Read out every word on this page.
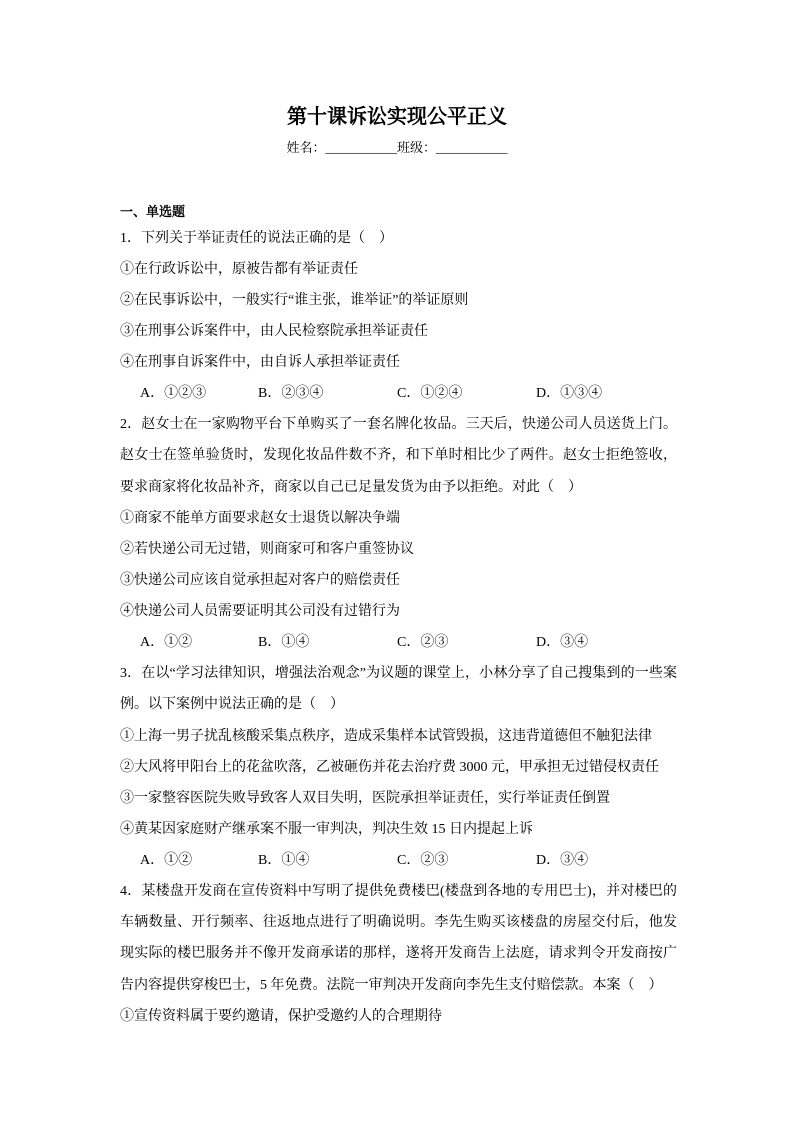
第十课诉讼实现公平正义
姓名：___________班级：___________
一、单选题

1．下列关于举证责任的说法正确的是（　）

①在行政诉讼中，原被告都有举证责任

②在民事诉讼中，一般实行“谁主张，谁举证”的举证原则

③在刑事公诉案件中，由人民检察院承担举证责任

④在刑事自诉案件中，由自诉人承担举证责任

A．①②③	B．②③④	C．①②④	D．①③④

2．赵女士在一家购物平台下单购买了一套名牌化妆品。三天后，快递公司人员送货上门。赵女士在签单验货时，发现化妆品件数不齐，和下单时相比少了两件。赵女士拒绝签收，要求商家将化妆品补齐，商家以自己已足量发货为由予以拒绝。对此（　）

①商家不能单方面要求赵女士退货以解决争端

②若快递公司无过错，则商家可和客户重签协议

③快递公司应该自觉承担起对客户的赔偿责任

④快递公司人员需要证明其公司没有过错行为

A．①②	B．①④	C．②③	D．③④

3．在以“学习法律知识，增强法治观念”为议题的课堂上，小林分享了自己搜集到的一些案例。以下案例中说法正确的是（　）

①上海一男子扰乱核酸采集点秩序，造成采集样本试管毁损，这违背道德但不触犯法律

②大风将甲阳台上的花盆吹落，乙被砸伤并花去治疗费 3000 元，甲承担无过错侵权责任

③一家整容医院失败导致客人双目失明，医院承担举证责任，实行举证责任倒置

④黄某因家庭财产继承案不服一审判决，判决生效 15 日内提起上诉

A．①②	B．①④	C．②③	D．③④

4．某楼盘开发商在宣传资料中写明了提供免费楼巴(楼盘到各地的专用巴士)，并对楼巴的车辆数量、开行频率、往返地点进行了明确说明。李先生购买该楼盘的房屋交付后，他发现实际的楼巴服务并不像开发商承诺的那样，遂将开发商告上法庭，请求判令开发商按广告内容提供穿梭巴士，5 年免费。法院一审判决开发商向李先生支付赔偿款。本案（　）

①宣传资料属于要约邀请，保护受邀约人的合理期待
